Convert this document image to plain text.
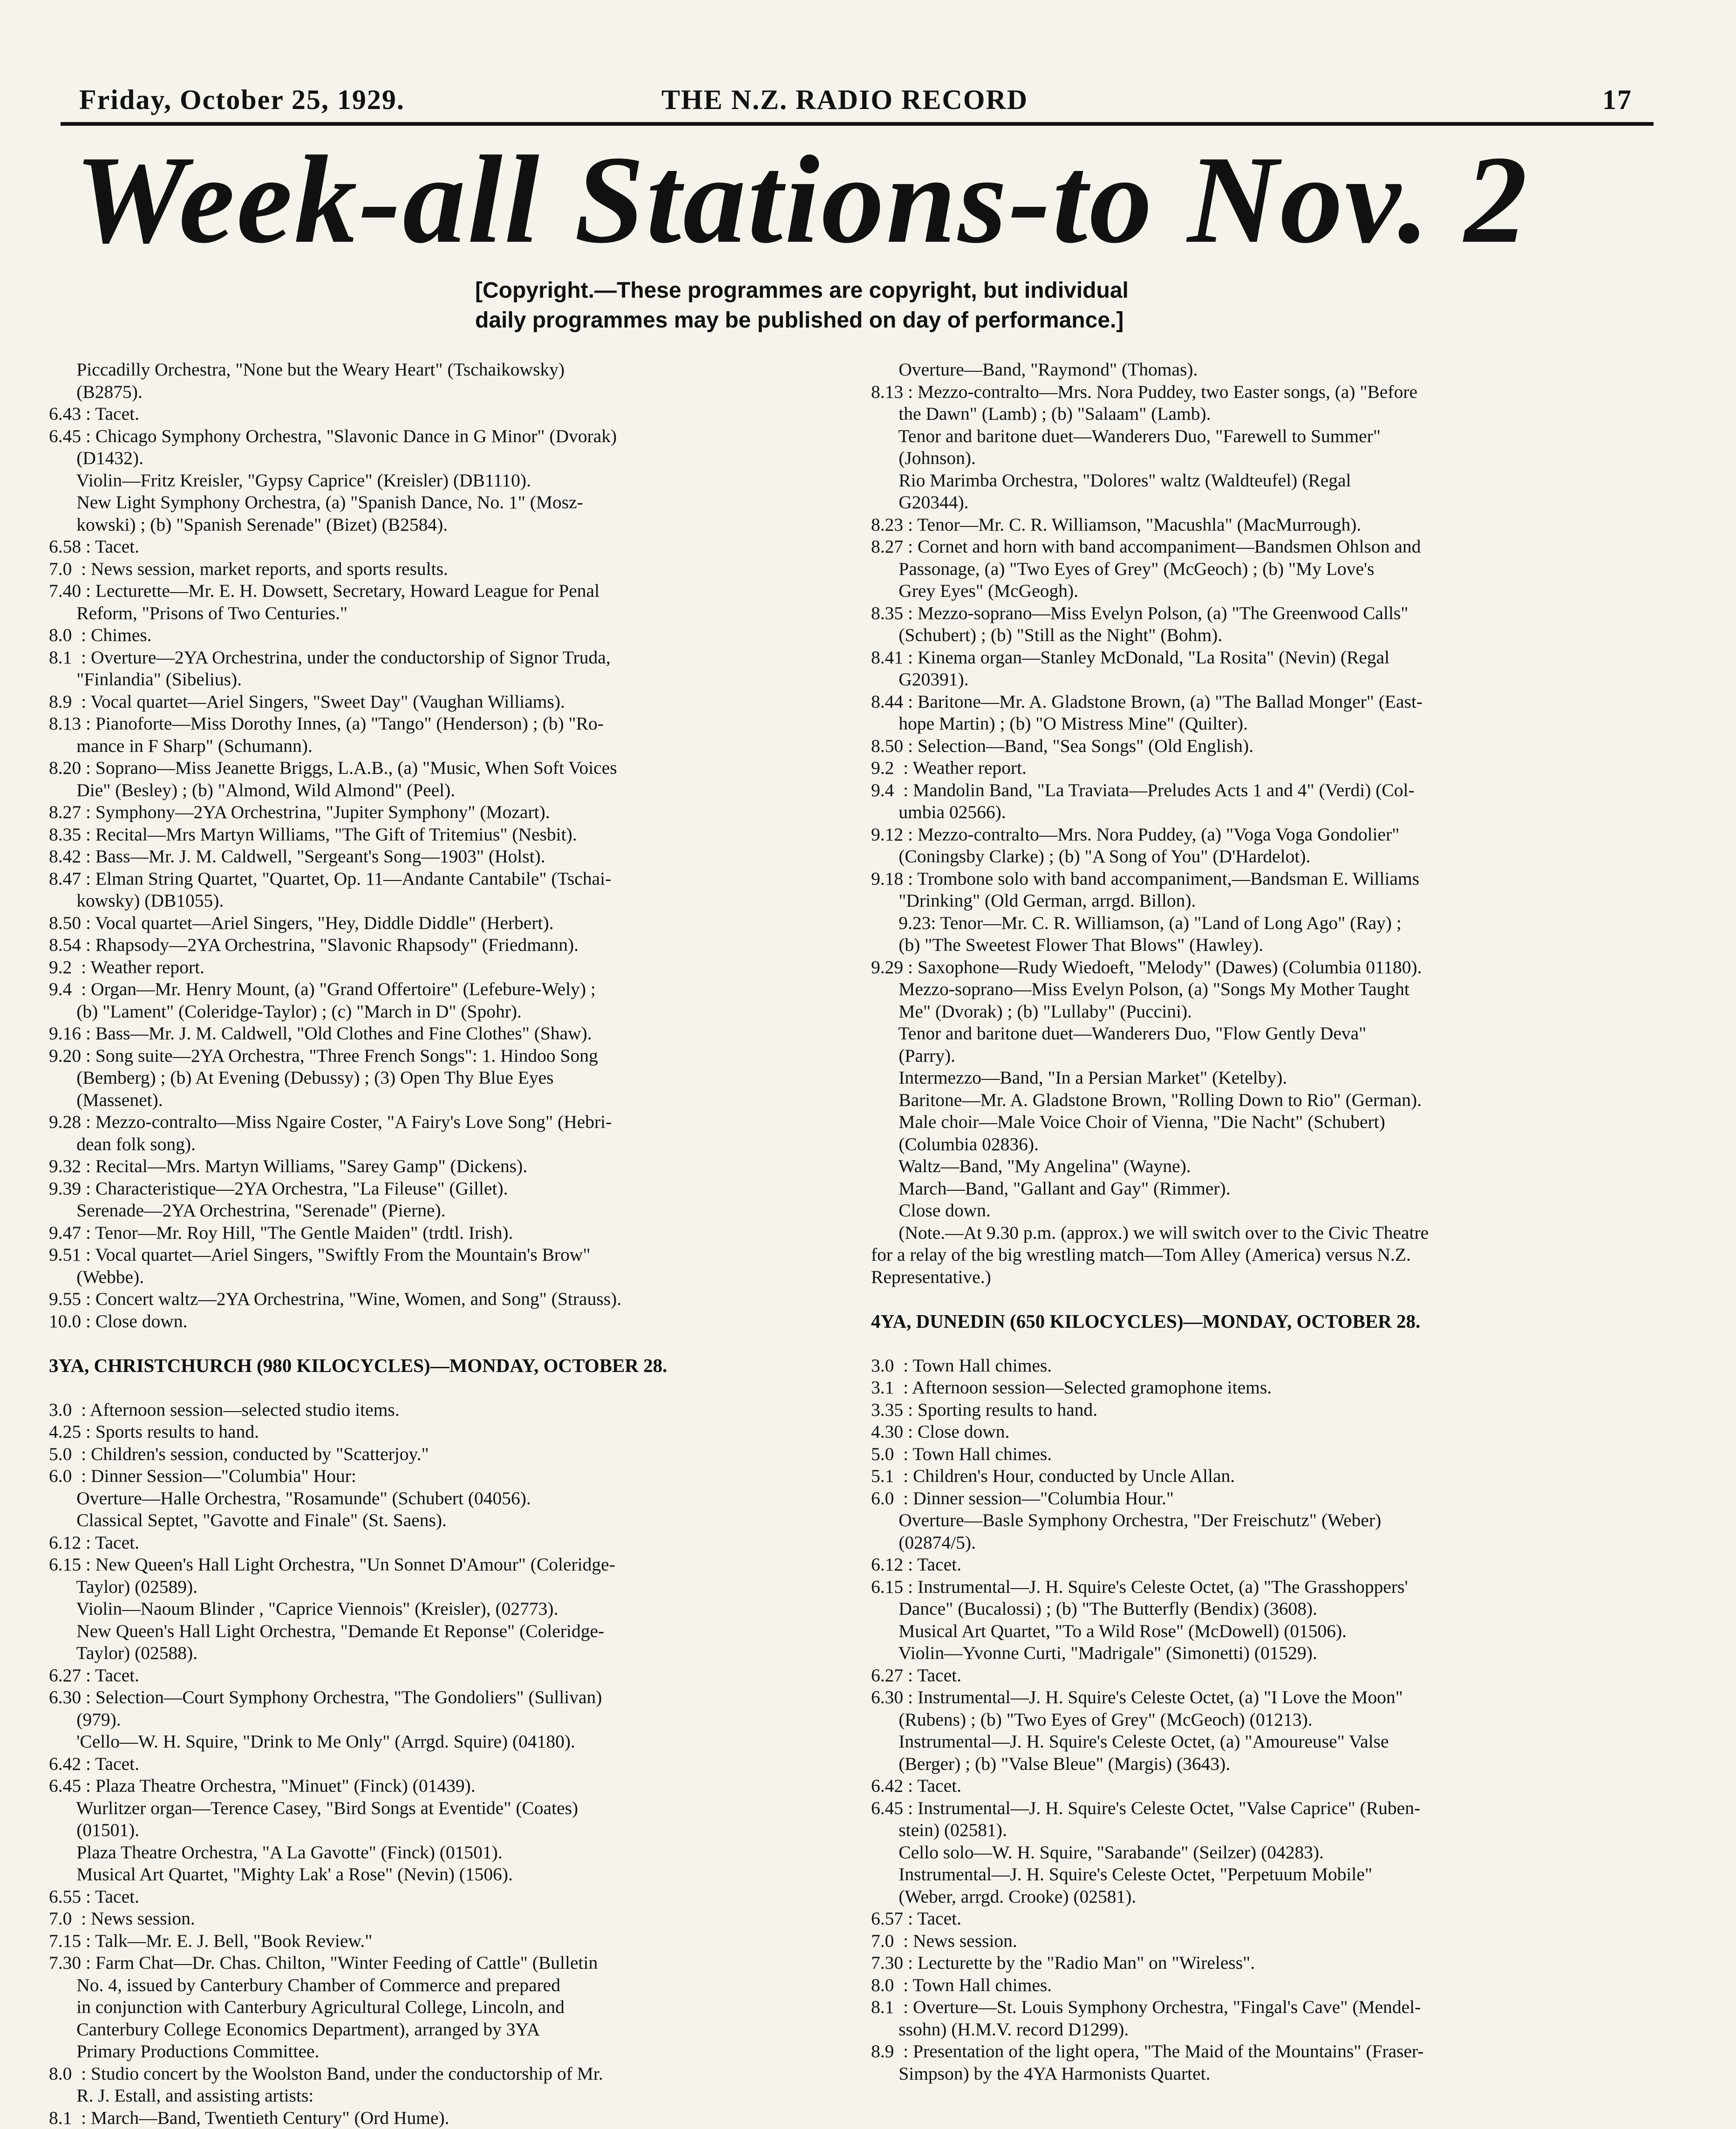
Friday, October 25, 1929.	THE N.Z. RADIO RECORD	17
Week-all Stations-to Nov. 2
[Copyright.—These programmes are copyright, but individual
daily programmes may be published on day of performance.]
Piccadilly Orchestra, "None but the Weary Heart" (Tschaikowsky)
(B2875).
6.43 : Tacet.
6.45 : Chicago Symphony Orchestra, "Slavonic Dance in G Minor" (Dvorak)
(D1432).
Violin—Fritz Kreisler, "Gypsy Caprice" (Kreisler) (DB1110).
New Light Symphony Orchestra, (a) "Spanish Dance, No. 1" (Mosz-
kowski) ; (b) "Spanish Serenade" (Bizet) (B2584).
6.58 : Tacet.
7.0  : News session, market reports, and sports results.
7.40 : Lecturette—Mr. E. H. Dowsett, Secretary, Howard League for Penal
Reform, "Prisons of Two Centuries."
8.0  : Chimes.
8.1  : Overture—2YA Orchestrina, under the conductorship of Signor Truda,
"Finlandia" (Sibelius).
8.9  : Vocal quartet—Ariel Singers, "Sweet Day" (Vaughan Williams).
8.13 : Pianoforte—Miss Dorothy Innes, (a) "Tango" (Henderson) ; (b) "Ro-
mance in F Sharp" (Schumann).
8.20 : Soprano—Miss Jeanette Briggs, L.A.B., (a) "Music, When Soft Voices
Die" (Besley) ; (b) "Almond, Wild Almond" (Peel).
8.27 : Symphony—2YA Orchestrina, "Jupiter Symphony" (Mozart).
8.35 : Recital—Mrs Martyn Williams, "The Gift of Tritemius" (Nesbit).
8.42 : Bass—Mr. J. M. Caldwell, "Sergeant's Song—1903" (Holst).
8.47 : Elman String Quartet, "Quartet, Op. 11—Andante Cantabile" (Tschai-
kowsky) (DB1055).
8.50 : Vocal quartet—Ariel Singers, "Hey, Diddle Diddle" (Herbert).
8.54 : Rhapsody—2YA Orchestrina, "Slavonic Rhapsody" (Friedmann).
9.2  : Weather report.
9.4  : Organ—Mr. Henry Mount, (a) "Grand Offertoire" (Lefebure-Wely) ;
(b) "Lament" (Coleridge-Taylor) ; (c) "March in D" (Spohr).
9.16 : Bass—Mr. J. M. Caldwell, "Old Clothes and Fine Clothes" (Shaw).
9.20 : Song suite—2YA Orchestra, "Three French Songs": 1. Hindoo Song
(Bemberg) ; (b) At Evening (Debussy) ; (3) Open Thy Blue Eyes
(Massenet).
9.28 : Mezzo-contralto—Miss Ngaire Coster, "A Fairy's Love Song" (Hebri-
dean folk song).
9.32 : Recital—Mrs. Martyn Williams, "Sarey Gamp" (Dickens).
9.39 : Characteristique—2YA Orchestra, "La Fileuse" (Gillet).
Serenade—2YA Orchestrina, "Serenade" (Pierne).
9.47 : Tenor—Mr. Roy Hill, "The Gentle Maiden" (trdtl. Irish).
9.51 : Vocal quartet—Ariel Singers, "Swiftly From the Mountain's Brow"
(Webbe).
9.55 : Concert waltz—2YA Orchestrina, "Wine, Women, and Song" (Strauss).
10.0 : Close down.
3YA, CHRISTCHURCH (980 KILOCYCLES)—MONDAY, OCTOBER 28.
3.0  : Afternoon session—selected studio items.
4.25 : Sports results to hand.
5.0  : Children's session, conducted by "Scatterjoy."
6.0  : Dinner Session—"Columbia" Hour:
Overture—Halle Orchestra, "Rosamunde" (Schubert (04056).
Classical Septet, "Gavotte and Finale" (St. Saens).
6.12 : Tacet.
6.15 : New Queen's Hall Light Orchestra, "Un Sonnet D'Amour" (Coleridge-
Taylor) (02589).
Violin—Naoum Blinder , "Caprice Viennois" (Kreisler), (02773).
New Queen's Hall Light Orchestra, "Demande Et Reponse" (Coleridge-
Taylor) (02588).
6.27 : Tacet.
6.30 : Selection—Court Symphony Orchestra, "The Gondoliers" (Sullivan)
(979).
'Cello—W. H. Squire, "Drink to Me Only" (Arrgd. Squire) (04180).
6.42 : Tacet.
6.45 : Plaza Theatre Orchestra, "Minuet" (Finck) (01439).
Wurlitzer organ—Terence Casey, "Bird Songs at Eventide" (Coates)
(01501).
Plaza Theatre Orchestra, "A La Gavotte" (Finck) (01501).
Musical Art Quartet, "Mighty Lak' a Rose" (Nevin) (1506).
6.55 : Tacet.
7.0  : News session.
7.15 : Talk—Mr. E. J. Bell, "Book Review."
7.30 : Farm Chat—Dr. Chas. Chilton, "Winter Feeding of Cattle" (Bulletin
No. 4, issued by Canterbury Chamber of Commerce and prepared
in conjunction with Canterbury Agricultural College, Lincoln, and
Canterbury College Economics Department), arranged by 3YA
Primary Productions Committee.
8.0  : Studio concert by the Woolston Band, under the conductorship of Mr.
R. J. Estall, and assisting artists:
8.1  : March—Band, Twentieth Century" (Ord Hume).
Overture—Band, "Raymond" (Thomas).
8.13 : Mezzo-contralto—Mrs. Nora Puddey, two Easter songs, (a) "Before
the Dawn" (Lamb) ; (b) "Salaam" (Lamb).
Tenor and baritone duet—Wanderers Duo, "Farewell to Summer"
(Johnson).
Rio Marimba Orchestra, "Dolores" waltz (Waldteufel) (Regal
G20344).
8.23 : Tenor—Mr. C. R. Williamson, "Macushla" (MacMurrough).
8.27 : Cornet and horn with band accompaniment—Bandsmen Ohlson and
Passonage, (a) "Two Eyes of Grey" (McGeoch) ; (b) "My Love's
Grey Eyes" (McGeogh).
8.35 : Mezzo-soprano—Miss Evelyn Polson, (a) "The Greenwood Calls"
(Schubert) ; (b) "Still as the Night" (Bohm).
8.41 : Kinema organ—Stanley McDonald, "La Rosita" (Nevin) (Regal
G20391).
8.44 : Baritone—Mr. A. Gladstone Brown, (a) "The Ballad Monger" (East-
hope Martin) ; (b) "O Mistress Mine" (Quilter).
8.50 : Selection—Band, "Sea Songs" (Old English).
9.2  : Weather report.
9.4  : Mandolin Band, "La Traviata—Preludes Acts 1 and 4" (Verdi) (Col-
umbia 02566).
9.12 : Mezzo-contralto—Mrs. Nora Puddey, (a) "Voga Voga Gondolier"
(Coningsby Clarke) ; (b) "A Song of You" (D'Hardelot).
9.18 : Trombone solo with band accompaniment,—Bandsman E. Williams
"Drinking" (Old German, arrgd. Billon).
9.23: Tenor—Mr. C. R. Williamson, (a) "Land of Long Ago" (Ray) ;
(b) "The Sweetest Flower That Blows" (Hawley).
9.29 : Saxophone—Rudy Wiedoeft, "Melody" (Dawes) (Columbia 01180).
Mezzo-soprano—Miss Evelyn Polson, (a) "Songs My Mother Taught
Me" (Dvorak) ; (b) "Lullaby" (Puccini).
Tenor and baritone duet—Wanderers Duo, "Flow Gently Deva"
(Parry).
Intermezzo—Band, "In a Persian Market" (Ketelby).
Baritone—Mr. A. Gladstone Brown, "Rolling Down to Rio" (German).
Male choir—Male Voice Choir of Vienna, "Die Nacht" (Schubert)
(Columbia 02836).
Waltz—Band, "My Angelina" (Wayne).
March—Band, "Gallant and Gay" (Rimmer).
Close down.
(Note.—At 9.30 p.m. (approx.) we will switch over to the Civic Theatre
for a relay of the big wrestling match—Tom Alley (America) versus N.Z.
Representative.)
4YA, DUNEDIN (650 KILOCYCLES)—MONDAY, OCTOBER 28.
3.0  : Town Hall chimes.
3.1  : Afternoon session—Selected gramophone items.
3.35 : Sporting results to hand.
4.30 : Close down.
5.0  : Town Hall chimes.
5.1  : Children's Hour, conducted by Uncle Allan.
6.0  : Dinner session—"Columbia Hour."
Overture—Basle Symphony Orchestra, "Der Freischutz" (Weber)
(02874/5).
6.12 : Tacet.
6.15 : Instrumental—J. H. Squire's Celeste Octet, (a) "The Grasshoppers'
Dance" (Bucalossi) ; (b) "The Butterfly (Bendix) (3608).
Musical Art Quartet, "To a Wild Rose" (McDowell) (01506).
Violin—Yvonne Curti, "Madrigale" (Simonetti) (01529).
6.27 : Tacet.
6.30 : Instrumental—J. H. Squire's Celeste Octet, (a) "I Love the Moon"
(Rubens) ; (b) "Two Eyes of Grey" (McGeoch) (01213).
Instrumental—J. H. Squire's Celeste Octet, (a) "Amoureuse" Valse
(Berger) ; (b) "Valse Bleue" (Margis) (3643).
6.42 : Tacet.
6.45 : Instrumental—J. H. Squire's Celeste Octet, "Valse Caprice" (Ruben-
stein) (02581).
Cello solo—W. H. Squire, "Sarabande" (Seilzer) (04283).
Instrumental—J. H. Squire's Celeste Octet, "Perpetuum Mobile"
(Weber, arrgd. Crooke) (02581).
6.57 : Tacet.
7.0  : News session.
7.30 : Lecturette by the "Radio Man" on "Wireless".
8.0  : Town Hall chimes.
8.1  : Overture—St. Louis Symphony Orchestra, "Fingal's Cave" (Mendel-
ssohn) (H.M.V. record D1299).
8.9  : Presentation of the light opera, "The Maid of the Mountains" (Fraser-
Simpson) by the 4YA Harmonists Quartet.
